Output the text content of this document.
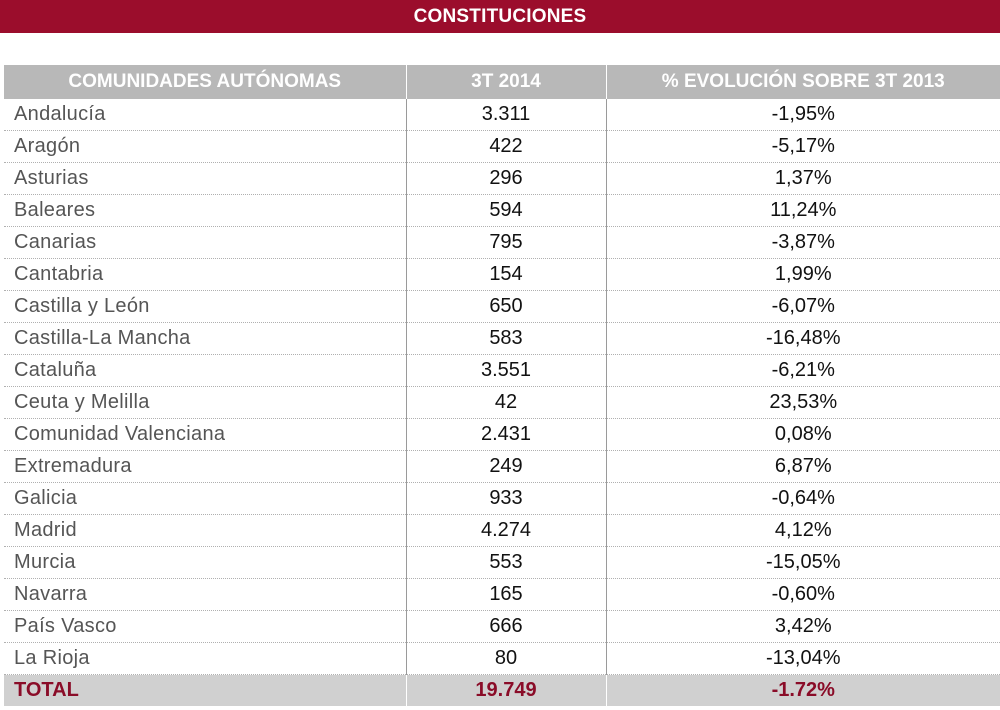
CONSTITUCIONES
COMUNIDADES AUTÓNOMAS	3T 2014	% EVOLUCIÓN SOBRE 3T 2013
Andalucía	3.311	-1,95%
Aragón	422	-5,17%
Asturias	296	1,37%
Baleares	594	11,24%
Canarias	795	-3,87%
Cantabria	154	1,99%
Castilla y León	650	-6,07%
Castilla-La Mancha	583	-16,48%
Cataluña	3.551	-6,21%
Ceuta y Melilla	42	23,53%
Comunidad Valenciana	2.431	0,08%
Extremadura	249	6,87%
Galicia	933	-0,64%
Madrid	4.274	4,12%
Murcia	553	-15,05%
Navarra	165	-0,60%
País Vasco	666	3,42%
La Rioja	80	-13,04%
TOTAL	19.749	-1.72%
